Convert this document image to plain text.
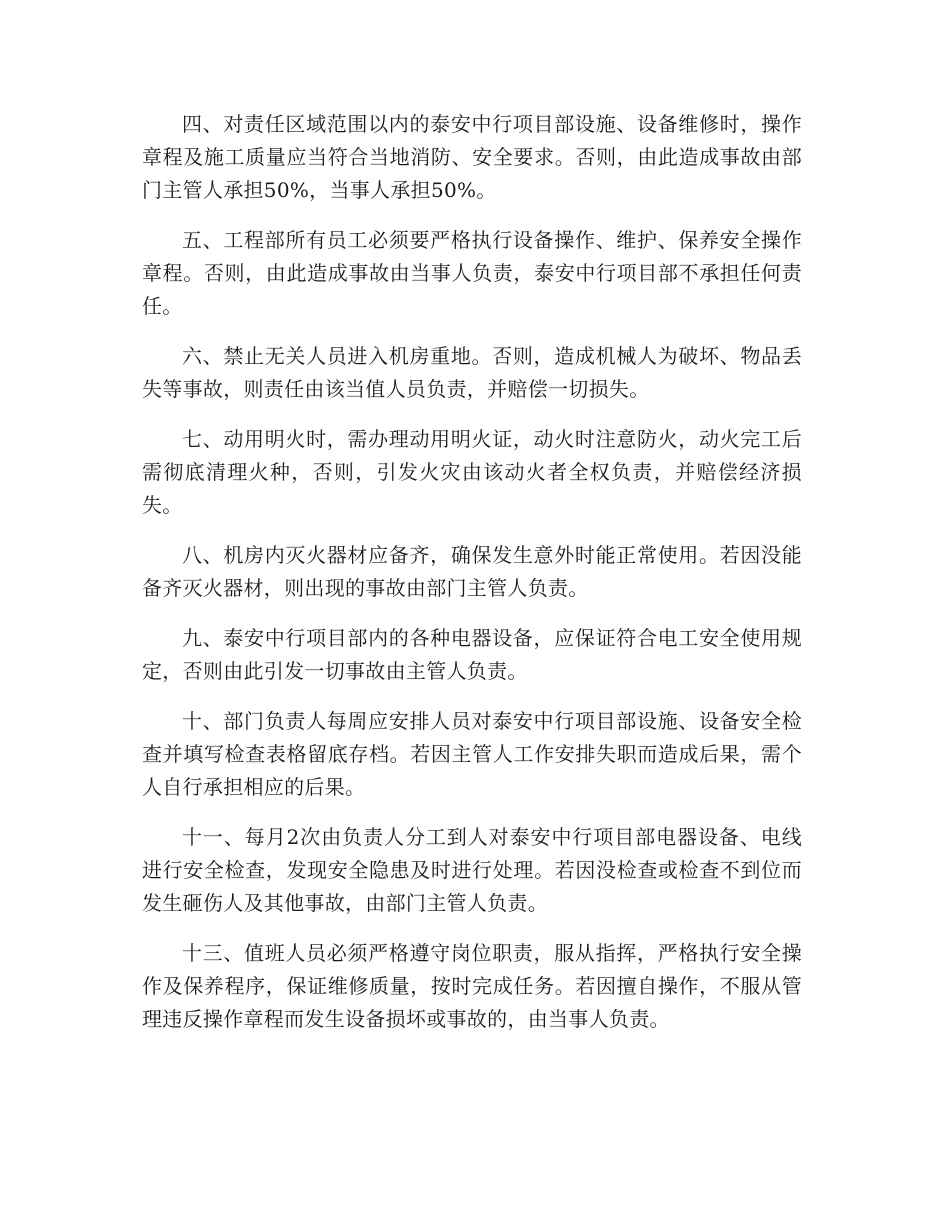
四、对责任区域范围以内的泰安中行项目部设施、设备维修时，操作章程及施工质量应当符合当地消防、安全要求。否则，由此造成事故由部门主管人承担50%，当事人承担50%。

五、工程部所有员工必须要严格执行设备操作、维护、保养安全操作章程。否则，由此造成事故由当事人负责，泰安中行项目部不承担任何责任。

六、禁止无关人员进入机房重地。否则，造成机械人为破坏、物品丢失等事故，则责任由该当值人员负责，并赔偿一切损失。

七、动用明火时，需办理动用明火证，动火时注意防火，动火完工后需彻底清理火种，否则，引发火灾由该动火者全权负责，并赔偿经济损失。

八、机房内灭火器材应备齐，确保发生意外时能正常使用。若因没能备齐灭火器材，则出现的事故由部门主管人负责。

九、泰安中行项目部内的各种电器设备，应保证符合电工安全使用规定，否则由此引发一切事故由主管人负责。

十、部门负责人每周应安排人员对泰安中行项目部设施、设备安全检查并填写检查表格留底存档。若因主管人工作安排失职而造成后果，需个人自行承担相应的后果。

十一、每月2次由负责人分工到人对泰安中行项目部电器设备、电线进行安全检查，发现安全隐患及时进行处理。若因没检查或检查不到位而发生砸伤人及其他事故，由部门主管人负责。

十三、值班人员必须严格遵守岗位职责，服从指挥，严格执行安全操作及保养程序，保证维修质量，按时完成任务。若因擅自操作，不服从管理违反操作章程而发生设备损坏或事故的，由当事人负责。
